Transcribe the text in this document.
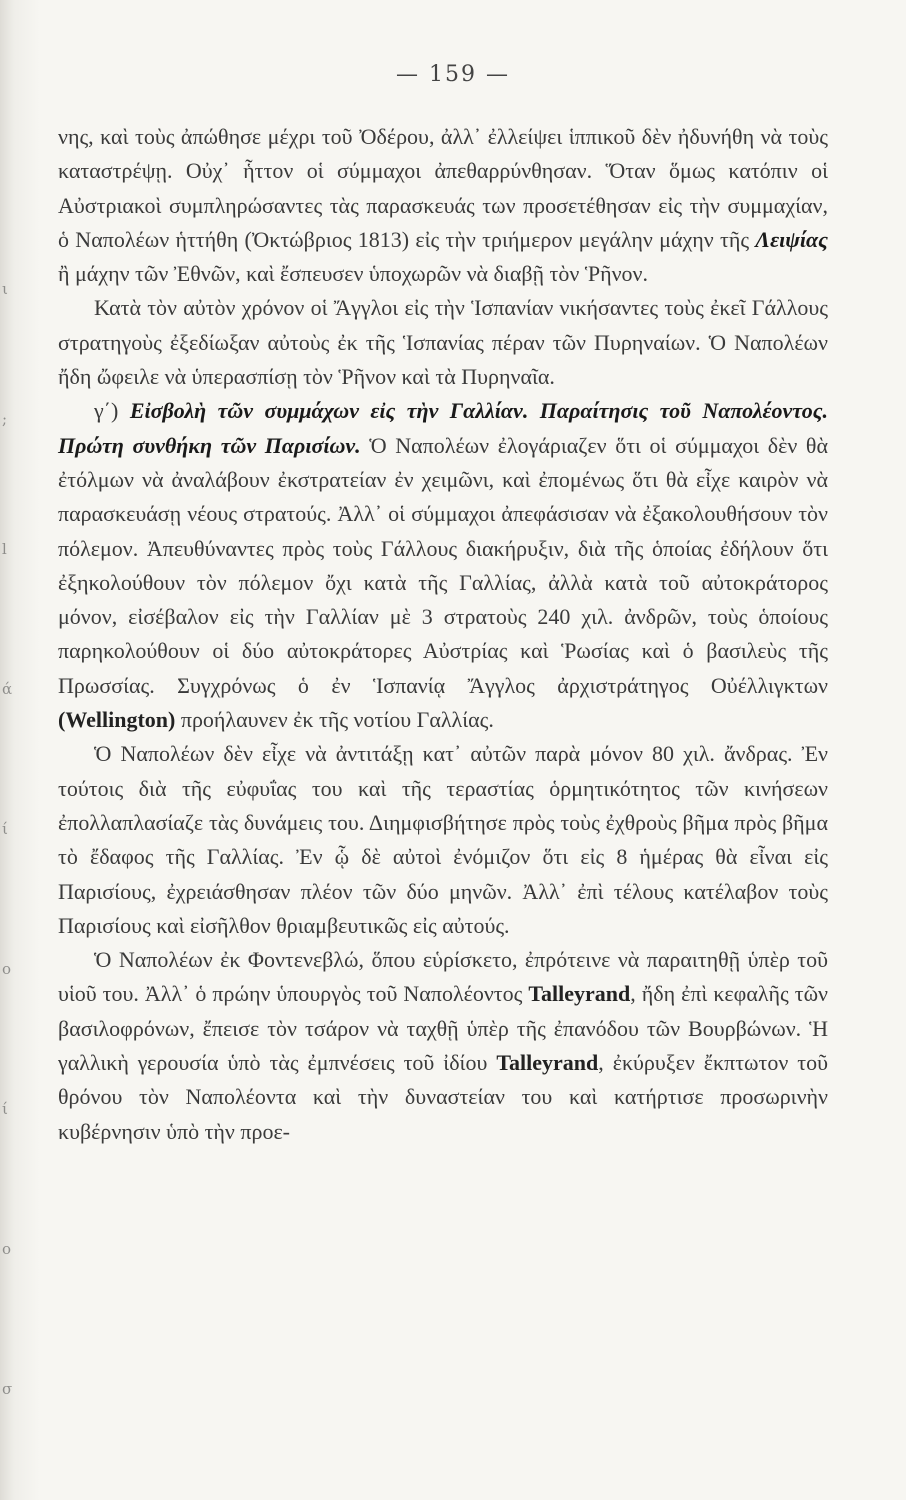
ι
;
l
ά
ί
ο
ί
ο
σ
— 159 —

νης, καὶ τοὺς ἀπώθησε μέχρι τοῦ Ὀδέρου, ἀλλ᾿ ἐλλείψει ἱππικοῦ δὲν ἠδυνήθη νὰ τοὺς καταστρέψῃ. Οὐχ᾿ ἧττον οἱ σύμμαχοι ἀπεθαρρύνθησαν. Ὅταν ὅμως κατόπιν οἱ Αὐστριακοὶ συμπληρώσαντες τὰς παρασκευάς των προσετέθησαν εἰς τὴν συμμαχίαν, ὁ Ναπολέων ἡττήθη (Ὀκτώβριος 1813) εἰς τὴν τριήμερον μεγάλην μάχην τῆς Λειψίας ἢ μάχην τῶν Ἐθνῶν, καὶ ἔσπευσεν ὑποχωρῶν νὰ διαβῇ τὸν Ῥῆνον.

Κατὰ τὸν αὐτὸν χρόνον οἱ Ἄγγλοι εἰς τὴν Ἱσπανίαν νικήσαντες τοὺς ἐκεῖ Γάλλους στρατηγοὺς ἐξεδίωξαν αὐτοὺς ἐκ τῆς Ἱσπανίας πέραν τῶν Πυρηναίων. Ὁ Ναπολέων ἤδη ὤφειλε νὰ ὑπερασπίσῃ τὸν Ῥῆνον καὶ τὰ Πυρηναῖα.

γ΄) Εἰσβολὴ τῶν συμμάχων εἰς τὴν Γαλλίαν. Παραίτησις τοῦ Ναπολέοντος. Πρώτη συνθήκη τῶν Παρισίων. Ὁ Ναπολέων ἐλογάριαζεν ὅτι οἱ σύμμαχοι δὲν θὰ ἐτόλμων νὰ ἀναλάβουν ἐκστρατείαν ἐν χειμῶνι, καὶ ἐπομένως ὅτι θὰ εἶχε καιρὸν νὰ παρασκευάσῃ νέους στρατούς. Ἀλλ᾿ οἱ σύμμαχοι ἀπεφάσισαν νὰ ἐξακολουθήσουν τὸν πόλεμον. Ἀπευθύναντες πρὸς τοὺς Γάλλους διακήρυξιν, διὰ τῆς ὁποίας ἐδήλουν ὅτι ἐξηκολούθουν τὸν πόλεμον ὄχι κατὰ τῆς Γαλλίας, ἀλλὰ κατὰ τοῦ αὐτοκράτορος μόνον, εἰσέβαλον εἰς τὴν Γαλλίαν μὲ 3 στρατοὺς 240 χιλ. ἀνδρῶν, τοὺς ὁποίους παρηκολούθουν οἱ δύο αὐτοκράτορες Αὐστρίας καὶ Ῥωσίας καὶ ὁ βασιλεὺς τῆς Πρωσσίας. Συγχρόνως ὁ ἐν Ἱσπανίᾳ Ἄγγλος ἀρχιστράτηγος Οὐέλλιγκτων (Wellington) προήλαυνεν ἐκ τῆς νοτίου Γαλλίας.

Ὁ Ναπολέων δὲν εἶχε νὰ ἀντιτάξῃ κατ᾿ αὐτῶν παρὰ μόνον 80 χιλ. ἄνδρας. Ἐν τούτοις διὰ τῆς εὐφυΐας του καὶ τῆς τεραστίας ὁρμητικότητος τῶν κινήσεων ἐπολλαπλασίαζε τὰς δυνάμεις του. Διημφισβήτησε πρὸς τοὺς ἐχθροὺς βῆμα πρὸς βῆμα τὸ ἔδαφος τῆς Γαλλίας. Ἐν ᾧ δὲ αὐτοὶ ἐνόμιζον ὅτι εἰς 8 ἡμέρας θὰ εἶναι εἰς Παρισίους, ἐχρειάσθησαν πλέον τῶν δύο μηνῶν. Ἀλλ᾿ ἐπὶ τέλους κατέλαβον τοὺς Παρισίους καὶ εἰσῆλθον θριαμβευτικῶς εἰς αὐτούς.

Ὁ Ναπολέων ἐκ Φοντενεβλώ, ὅπου εὑρίσκετο, ἐπρότεινε νὰ παραιτηθῇ ὑπὲρ τοῦ υἱοῦ του. Ἀλλ᾿ ὁ πρώην ὑπουργὸς τοῦ Ναπολέοντος Talleyrand, ἤδη ἐπὶ κεφαλῆς τῶν βασιλοφρόνων, ἔπεισε τὸν τσάρον νὰ ταχθῇ ὑπὲρ τῆς ἐπανόδου τῶν Βουρβώνων. Ἡ γαλλικὴ γερουσία ὑπὸ τὰς ἐμπνέσεις τοῦ ἰδίου Talleyrand, ἐκύρυξεν ἔκπτωτον τοῦ θρόνου τὸν Ναπολέοντα καὶ τὴν δυναστείαν του καὶ κατήρτισε προσωρινὴν κυβέρνησιν ὑπὸ τὴν προε-
